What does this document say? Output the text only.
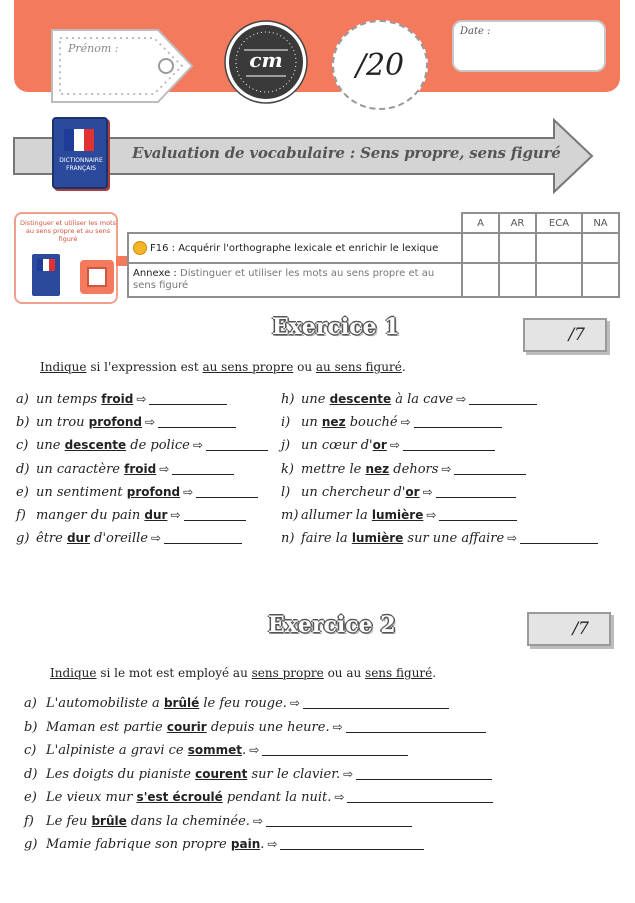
Prénom :	cm	/20
Date :
DICTIONNAIRE FRANÇAIS
Evaluation de vocabulaire : Sens propre, sens figuré
Distinguer et utiliser les mots au sens propre et au sens figuré
	A	AR	ECA	NA
F16 : Acquérir l'orthographe lexicale et enrichir le lexique				
Annexe : Distinguer et utiliser les mots au sens propre et au sens figuré				
Exercice 1	/7
Indique si l'expression est au sens propre ou au sens figuré.
a) un temps froid ⇨
b) un trou profond ⇨
c) une descente de police ⇨
d) un caractère froid ⇨
e) un sentiment profond ⇨
f) manger du pain dur ⇨
g) être dur d'oreille ⇨
h) une descente à la cave ⇨
i) un nez bouché ⇨
j) un cœur d'or ⇨
k) mettre le nez dehors ⇨
l) un chercheur d'or ⇨
m) allumer la lumière ⇨
n) faire la lumière sur une affaire ⇨
Exercice 2	/7
Indique si le mot est employé au sens propre ou au sens figuré.
a) L'automobiliste a brûlé le feu rouge. ⇨
b) Maman est partie courir depuis une heure. ⇨
c) L'alpiniste a gravi ce sommet. ⇨
d) Les doigts du pianiste courent sur le clavier. ⇨
e) Le vieux mur s'est écroulé pendant la nuit. ⇨
f) Le feu brûle dans la cheminée. ⇨
g) Mamie fabrique son propre pain. ⇨
